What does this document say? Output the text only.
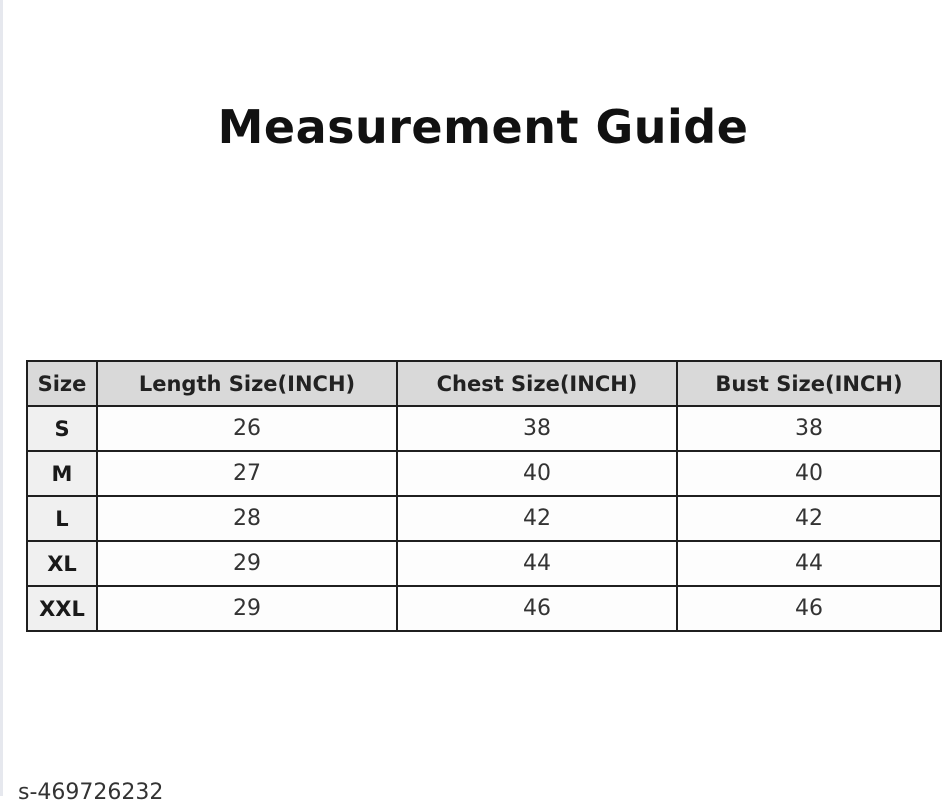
Measurement Guide
Size	Length Size(INCH)	Chest Size(INCH)	Bust Size(INCH)
S	26	38	38
M	27	40	40
L	28	42	42
XL	29	44	44
XXL	29	46	46
s-469726232
